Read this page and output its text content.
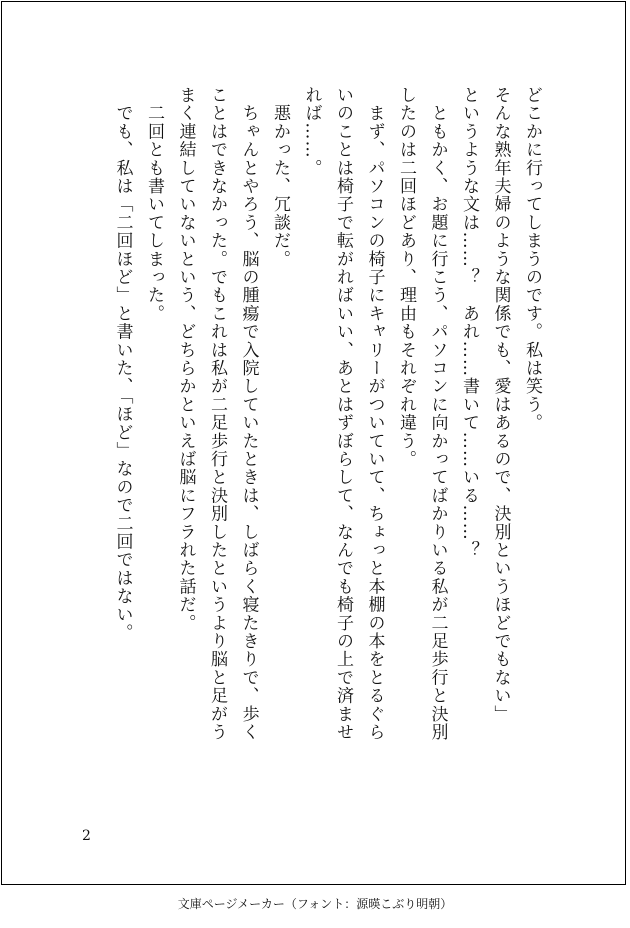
どこかに行ってしまうのです。私は笑う。
そんな熟年夫婦のような関係でも、愛はあるので、決別というほどでもない」
というような文は……？　あれ……書いて……いる……？
　ともかく、お題に行こう、パソコンに向かってばかりいる私が二足歩行と決別
したのは二回ほどあり、理由もそれぞれ違う。
　まず、パソコンの椅子にキャリーがついていて、ちょっと本棚の本をとるぐら
いのことは椅子で転がればいい、あとはずぼらして、なんでも椅子の上で済ませ
れば……。
　悪かった、冗談だ。
　ちゃんとやろう、脳の腫瘍で入院していたときは、しばらく寝たきりで、歩く
ことはできなかった。でもこれは私が二足歩行と決別したというより脳と足がう
まく連結していないという、どちらかといえば脳にフラれた話だ。
　二回とも書いてしまった。
　でも、私は「二回ほど」と書いた、「ほど」なので二回ではない。
2
文庫ページメーカー（フォント：源暎こぶり明朝）
